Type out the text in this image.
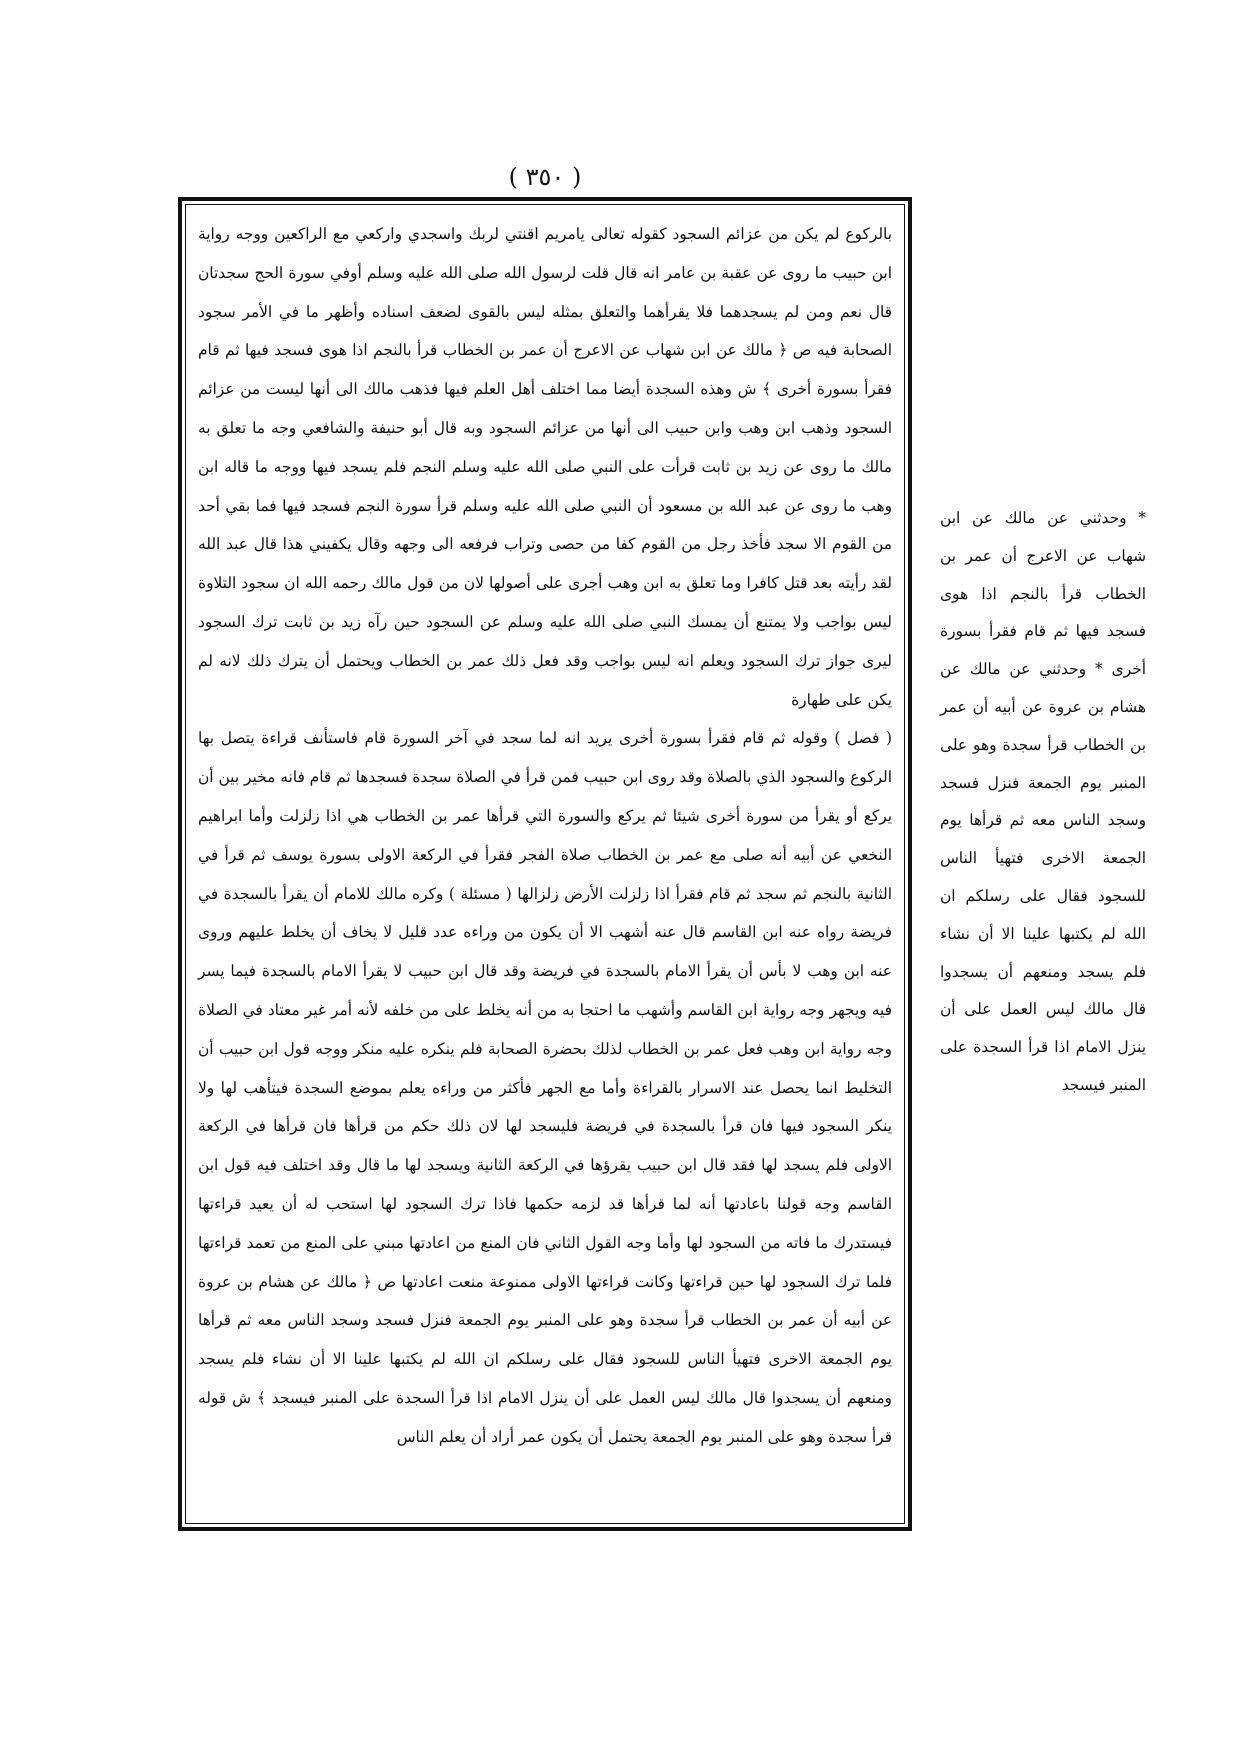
( ٣٥٠ )

بالركوع لم يكن من عزائم السجود كقوله تعالى يامريم اقنتي لربك واسجدي واركعي مع الراكعين ووجه رواية ابن حبيب ما روى عن عقبة بن عامر انه قال قلت لرسول الله صلى الله عليه وسلم أوفي سورة الحج سجدتان قال نعم ومن لم يسجدهما فلا يقرأهما والتعلق بمثله ليس بالقوى لضعف اسناده وأظهر ما في الأمر سجود الصحابة فيه ص ﴿ مالك عن ابن شهاب عن الاعرج أن عمر بن الخطاب قرأ بالنجم اذا هوى فسجد فيها ثم قام فقرأ بسورة أخرى ﴾ ش وهذه السجدة أيضا مما اختلف أهل العلم فيها فذهب مالك الى أنها ليست من عزائم السجود وذهب ابن وهب وابن حبيب الى أنها من عزائم السجود وبه قال أبو حنيفة والشافعي وجه ما تعلق به مالك ما روى عن زيد بن ثابت قرأت على النبي صلى الله عليه وسلم النجم فلم يسجد فيها ووجه ما قاله ابن وهب ما روى عن عبد الله بن مسعود أن النبي صلى الله عليه وسلم قرأ سورة النجم فسجد فيها فما بقي أحد من القوم الا سجد فأخذ رجل من القوم كفا من حصى وتراب فرفعه الى وجهه وقال يكفيني هذا قال عبد الله لقد رأيته بعد قتل كافرا وما تعلق به ابن وهب أجرى على أصولها لان من قول مالك رحمه الله ان سجود التلاوة ليس بواجب ولا يمتنع أن يمسك النبي صلى الله عليه وسلم عن السجود حين رآه زيد بن ثابت ترك السجود ليرى جواز ترك السجود ويعلم انه ليس بواجب وقد فعل ذلك عمر بن الخطاب ويحتمل أن يترك ذلك لانه لم يكن على طهارة

( فصل ) وقوله ثم قام فقرأ بسورة أخرى يريد انه لما سجد في آخر السورة قام فاستأنف قراءة يتصل بها الركوع والسجود الذي بالصلاة وقد روى ابن حبيب فمن قرأ في الصلاة سجدة فسجدها ثم قام فانه مخير بين أن يركع أو يقرأ من سورة أخرى شيئا ثم يركع والسورة التي قرأها عمر بن الخطاب هي اذا زلزلت وأما ابراهيم النخعي عن أبيه أنه صلى مع عمر بن الخطاب صلاة الفجر فقرأ في الركعة الاولى بسورة يوسف ثم قرأ في الثانية بالنجم ثم سجد ثم قام فقرأ اذا زلزلت الأرض زلزالها ( مسئلة ) وكره مالك للامام أن يقرأ بالسجدة في فريضة رواه عنه ابن القاسم قال عنه أشهب الا أن يكون من وراءه عدد قليل لا يخاف أن يخلط عليهم وروى عنه ابن وهب لا بأس أن يقرأ الامام بالسجدة في فريضة وقد قال ابن حبيب لا يقرأ الامام بالسجدة فيما يسر فيه ويجهر وجه رواية ابن القاسم وأشهب ما احتجا به من أنه يخلط على من خلفه لأنه أمر غير معتاد في الصلاة وجه رواية ابن وهب فعل عمر بن الخطاب لذلك بحضرة الصحابة فلم ينكره عليه منكر ووجه قول ابن حبيب أن التخليط انما يحصل عند الاسرار بالقراءة وأما مع الجهر فأكثر من وراءه يعلم بموضع السجدة فيتأهب لها ولا ينكر السجود فيها فان قرأ بالسجدة في فريضة فليسجد لها لان ذلك حكم من قرأها فان قرأها في الركعة الاولى فلم يسجد لها فقد قال ابن حبيب يقرؤها في الركعة الثانية ويسجد لها ما قال وقد اختلف فيه قول ابن القاسم وجه قولنا باعادتها أنه لما قرأها قد لزمه حكمها فاذا ترك السجود لها استحب له أن يعيد قراءتها فيستدرك ما فاته من السجود لها وأما وجه القول الثاني فان المنع من اعادتها مبني على المنع من تعمد قراءتها فلما ترك السجود لها حين قراءتها وكانت قراءتها الاولى ممنوعة منعت اعادتها ص ﴿ مالك عن هشام بن عروة عن أبيه أن عمر بن الخطاب قرأ سجدة وهو على المنبر يوم الجمعة فنزل فسجد وسجد الناس معه ثم قرأها يوم الجمعة الاخرى فتهيأ الناس للسجود فقال على رسلكم ان الله لم يكتبها علينا الا أن نشاء فلم يسجد ومنعهم أن يسجدوا قال مالك ليس العمل على أن ينزل الامام اذا قرأ السجدة على المنبر فيسجد ﴾ ش قوله قرأ سجدة وهو على المنبر يوم الجمعة يحتمل أن يكون عمر أراد أن يعلم الناس

* وحدثني عن مالك عن ابن شهاب عن الاعرج أن عمر بن الخطاب قرأ بالنجم اذا هوى فسجد فيها ثم قام فقرأ بسورة أخرى * وحدثني عن مالك عن هشام بن عروة عن أبيه أن عمر بن الخطاب قرأ سجدة وهو على المنبر يوم الجمعة فنزل فسجد وسجد الناس معه ثم قرأها يوم الجمعة الاخرى فتهيأ الناس للسجود فقال على رسلكم ان الله لم يكتبها علينا الا أن نشاء فلم يسجد ومنعهم أن يسجدوا قال مالك ليس العمل على أن ينزل الامام اذا قرأ السجدة على المنبر فيسجد
